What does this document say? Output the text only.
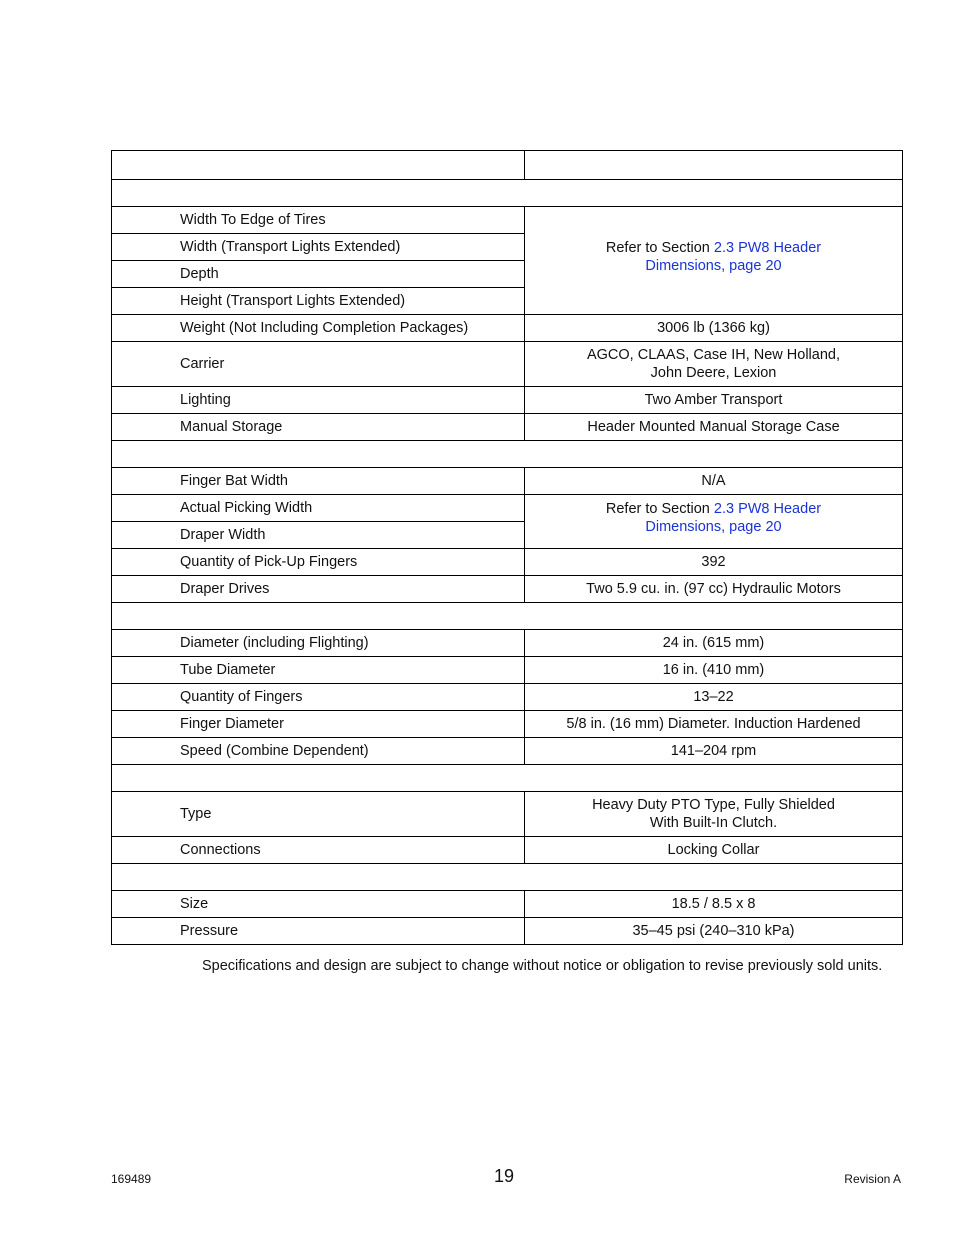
Width To Edge of Tires	Refer to Section 2.3 PW8 Header
Dimensions, page 20
Width (Transport Lights Extended)	
Depth	
Height (Transport Lights Extended)	
Weight (Not Including Completion Packages)	3006 lb (1366 kg)
Carrier	AGCO, CLAAS, Case IH, New Holland,
John Deere, Lexion
Lighting	Two Amber Transport
Manual Storage	Header Mounted Manual Storage Case

Finger Bat Width	N/A
Actual Picking Width	Refer to Section 2.3 PW8 Header
Dimensions, page 20
Draper Width	
Quantity of Pick-Up Fingers	392
Draper Drives	Two 5.9 cu. in. (97 cc) Hydraulic Motors

Diameter (including Flighting)	24 in. (615 mm)
Tube Diameter	16 in. (410 mm)
Quantity of Fingers	13–22
Finger Diameter	5/8 in. (16 mm) Diameter. Induction Hardened
Speed (Combine Dependent)	141–204 rpm

Type	Heavy Duty PTO Type, Fully Shielded
With Built-In Clutch.
Connections	Locking Collar

Size	18.5 / 8.5 x 8
Pressure	35–45 psi (240–310 kPa)
Specifications and design are subject to change without notice or obligation to revise previously sold units.
169489	19	Revision A
